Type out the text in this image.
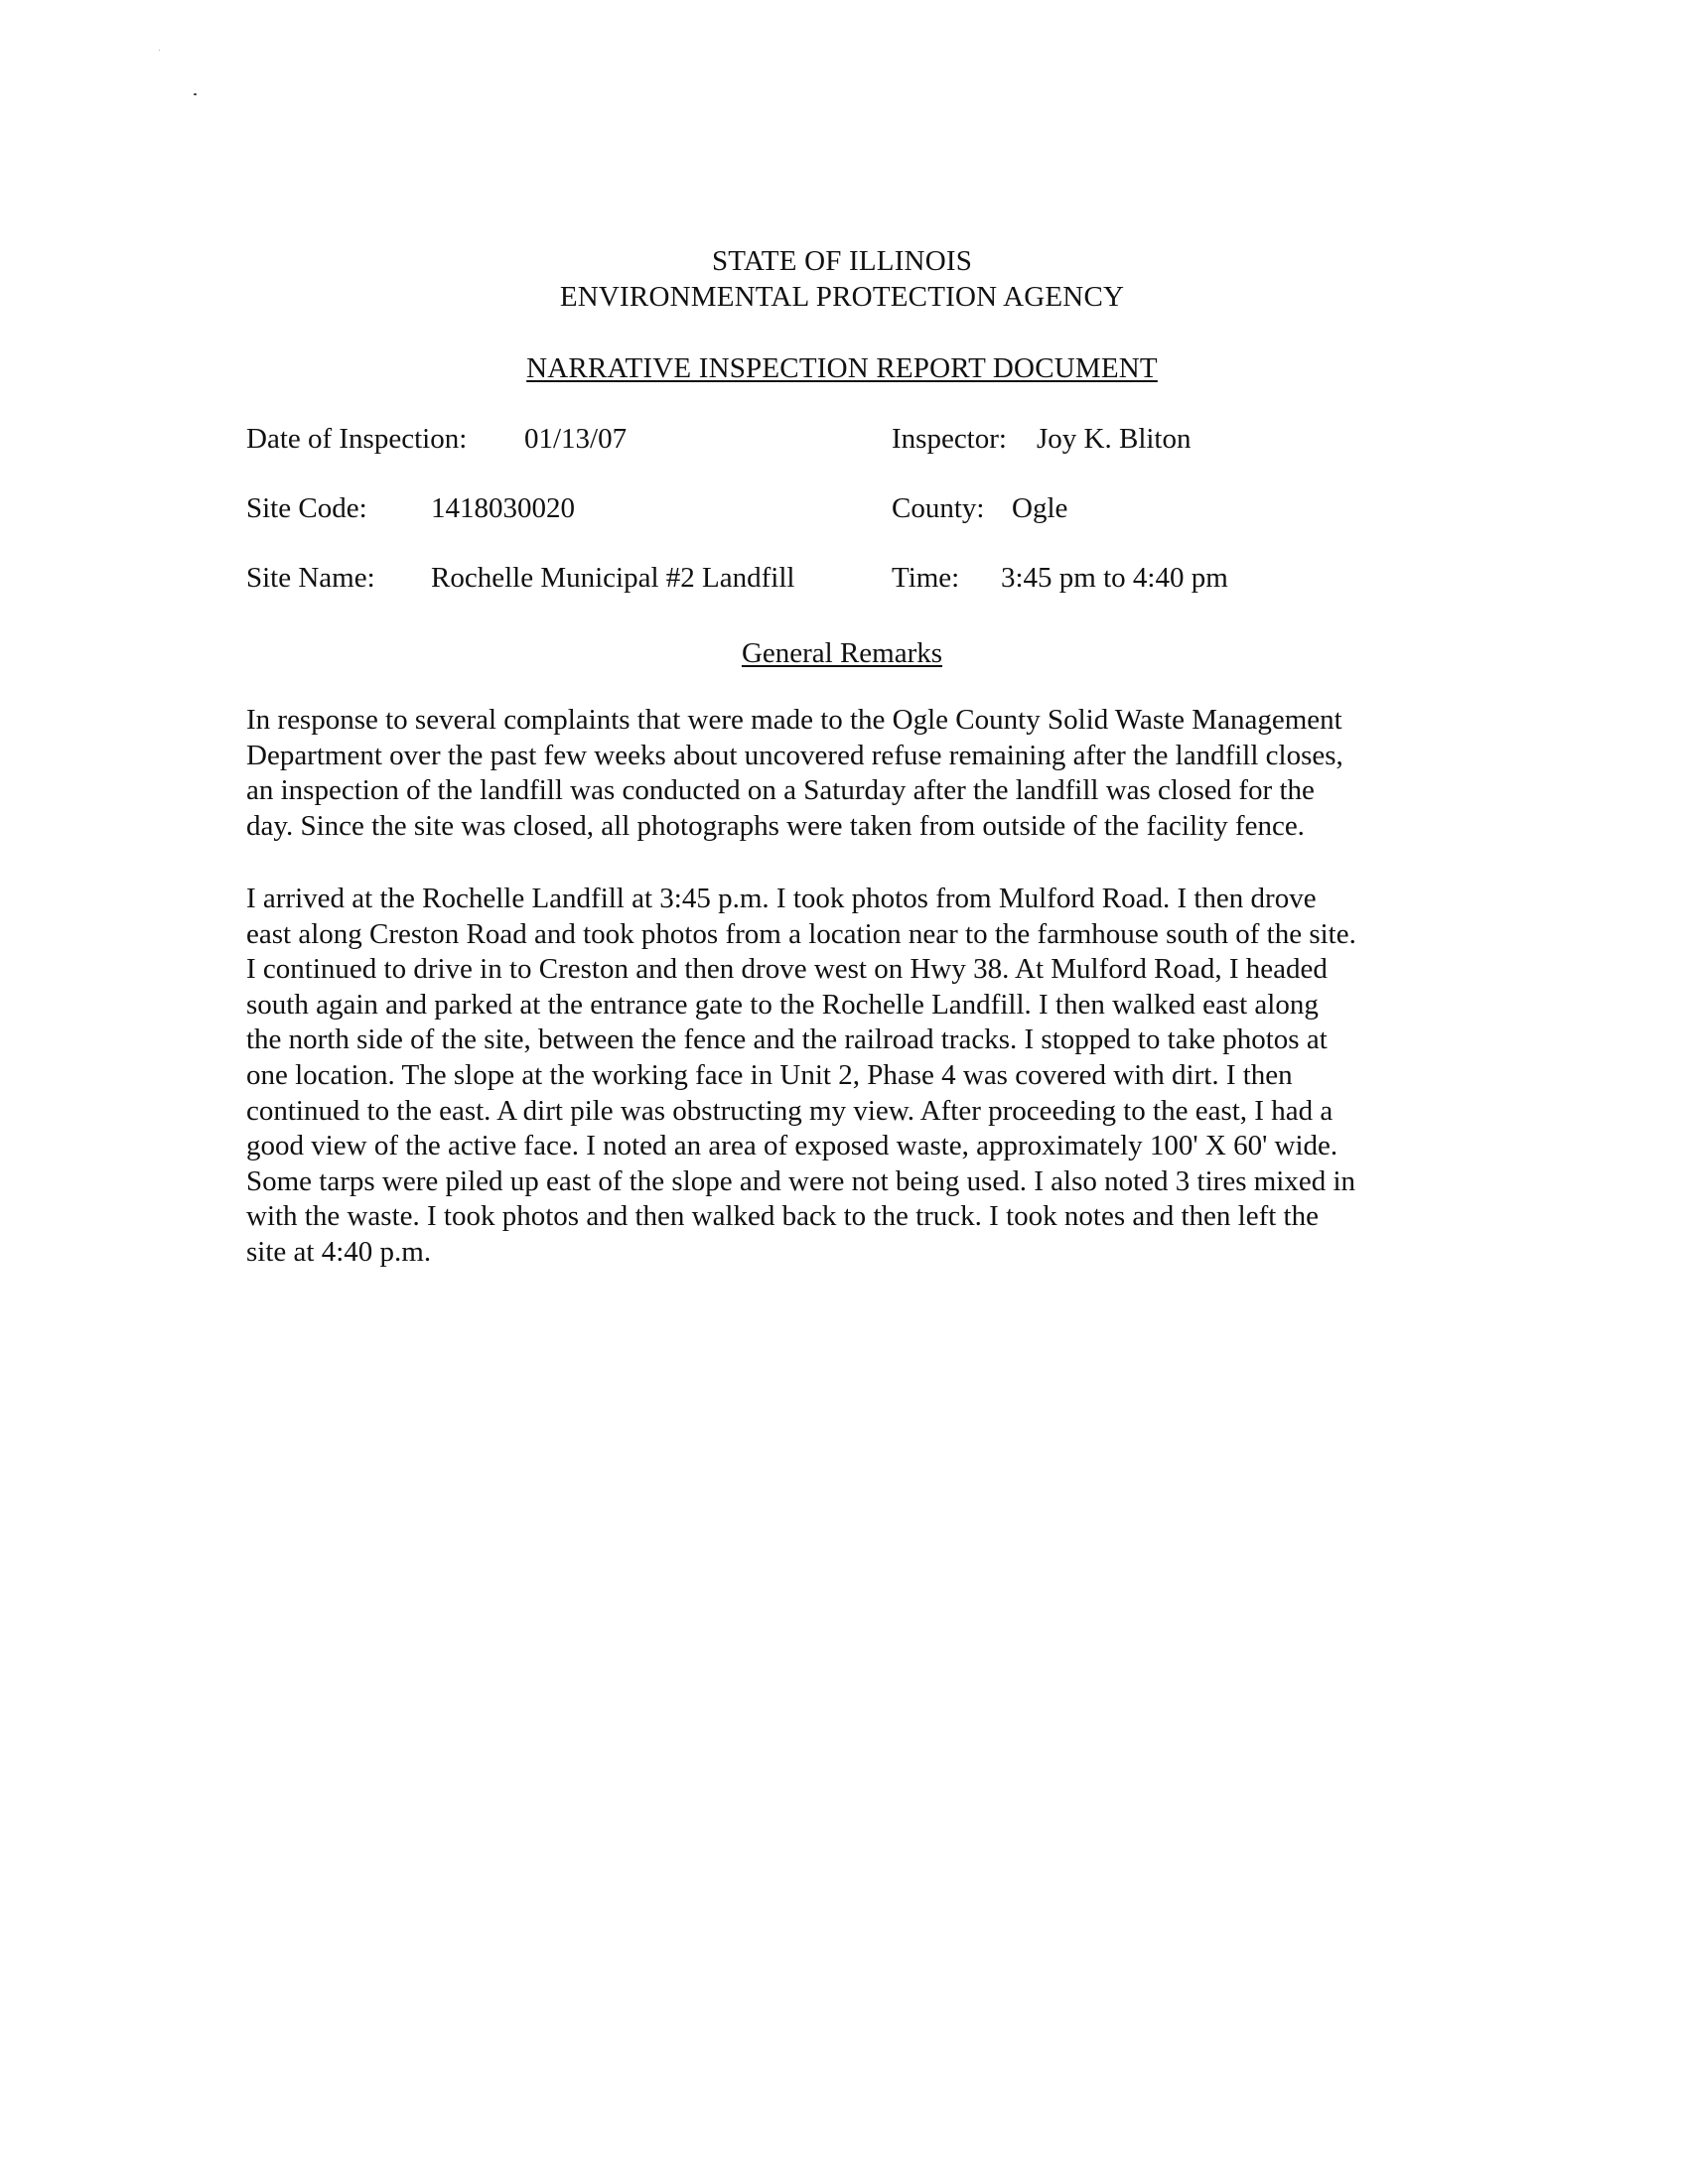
STATE OF ILLINOIS
ENVIRONMENTAL PROTECTION AGENCY
NARRATIVE INSPECTION REPORT DOCUMENT
Date of Inspection: 01/13/07	Inspector: Joy K. Bliton
Site Code: 1418030020	County: Ogle
Site Name: Rochelle Municipal #2 Landfill	Time: 3:45 pm to 4:40 pm
General Remarks
In response to several complaints that were made to the Ogle County Solid Waste Management
Department over the past few weeks about uncovered refuse remaining after the landfill closes,
an inspection of the landfill was conducted on a Saturday after the landfill was closed for the
day. Since the site was closed, all photographs were taken from outside of the facility fence.
I arrived at the Rochelle Landfill at 3:45 p.m. I took photos from Mulford Road. I then drove
east along Creston Road and took photos from a location near to the farmhouse south of the site.
I continued to drive in to Creston and then drove west on Hwy 38. At Mulford Road, I headed
south again and parked at the entrance gate to the Rochelle Landfill. I then walked east along
the north side of the site, between the fence and the railroad tracks. I stopped to take photos at
one location. The slope at the working face in Unit 2, Phase 4 was covered with dirt. I then
continued to the east. A dirt pile was obstructing my view. After proceeding to the east, I had a
good view of the active face. I noted an area of exposed waste, approximately 100' X 60' wide.
Some tarps were piled up east of the slope and were not being used. I also noted 3 tires mixed in
with the waste. I took photos and then walked back to the truck. I took notes and then left the
site at 4:40 p.m.
